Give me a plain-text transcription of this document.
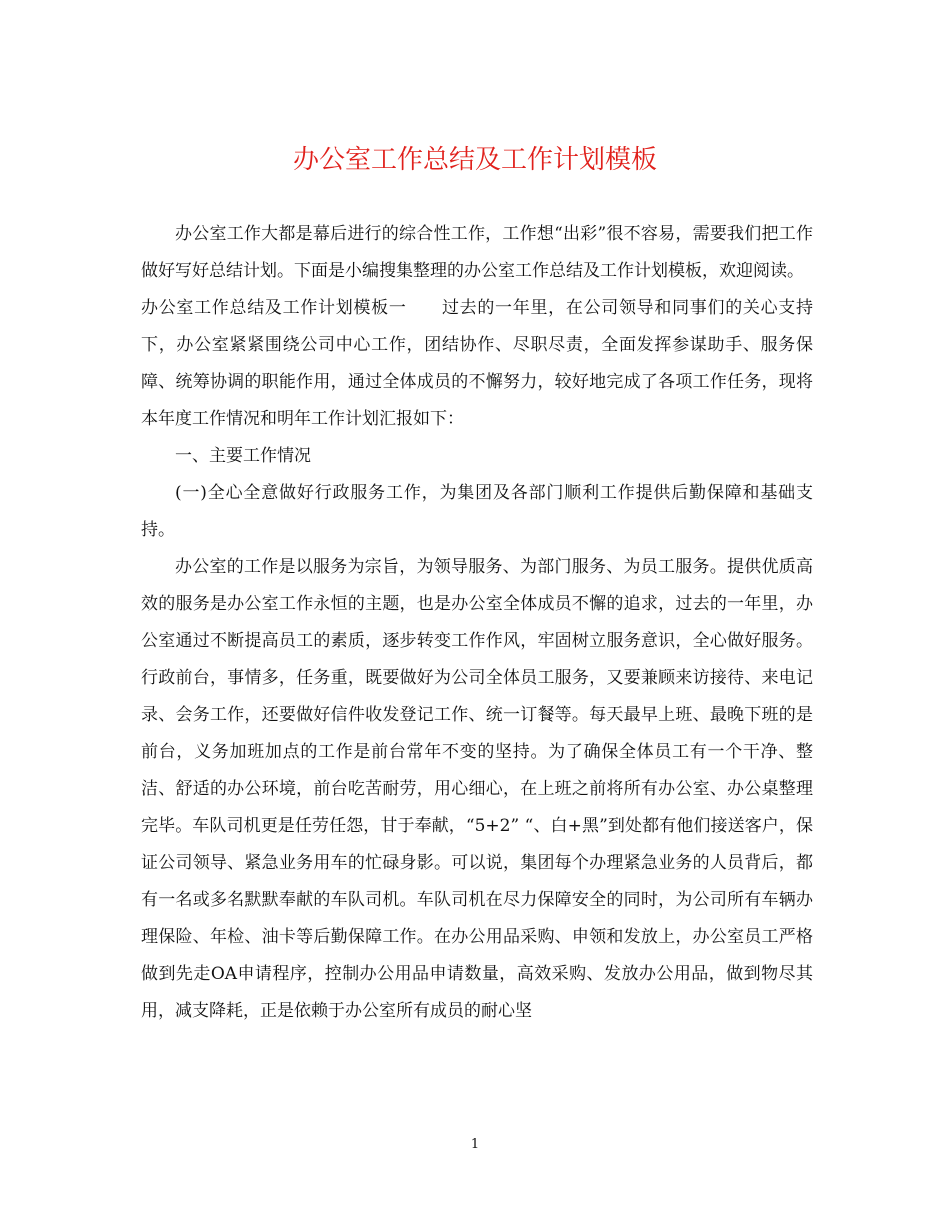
办公室工作总结及工作计划模板

办公室工作大都是幕后进行的综合性工作，工作想“出彩”很不容易，需要我们把工作做好写好总结计划。下面是小编搜集整理的办公室工作总结及工作计划模板，欢迎阅读。

办公室工作总结及工作计划模板一　　过去的一年里，在公司领导和同事们的关心支持下，办公室紧紧围绕公司中心工作，团结协作、尽职尽责，全面发挥参谋助手、服务保障、统筹协调的职能作用，通过全体成员的不懈努力，较好地完成了各项工作任务，现将本年度工作情况和明年工作计划汇报如下：

一、主要工作情况

(一)全心全意做好行政服务工作，为集团及各部门顺利工作提供后勤保障和基础支持。

办公室的工作是以服务为宗旨，为领导服务、为部门服务、为员工服务。提供优质高效的服务是办公室工作永恒的主题，也是办公室全体成员不懈的追求，过去的一年里，办公室通过不断提高员工的素质，逐步转变工作作风，牢固树立服务意识，全心做好服务。行政前台，事情多，任务重，既要做好为公司全体员工服务，又要兼顾来访接待、来电记录、会务工作，还要做好信件收发登记工作、统一订餐等。每天最早上班、最晚下班的是前台，义务加班加点的工作是前台常年不变的坚持。为了确保全体员工有一个干净、整洁、舒适的办公环境，前台吃苦耐劳，用心细心，在上班之前将所有办公室、办公桌整理完毕。车队司机更是任劳任怨，甘于奉献，“5+2” “、白+黑”到处都有他们接送客户，保证公司领导、紧急业务用车的忙碌身影。可以说，集团每个办理紧急业务的人员背后，都有一名或多名默默奉献的车队司机。车队司机在尽力保障安全的同时，为公司所有车辆办理保险、年检、油卡等后勤保障工作。在办公用品采购、申领和发放上，办公室员工严格做到先走OA申请程序，控制办公用品申请数量，高效采购、发放办公用品，做到物尽其用，减支降耗，正是依赖于办公室所有成员的耐心坚

1
